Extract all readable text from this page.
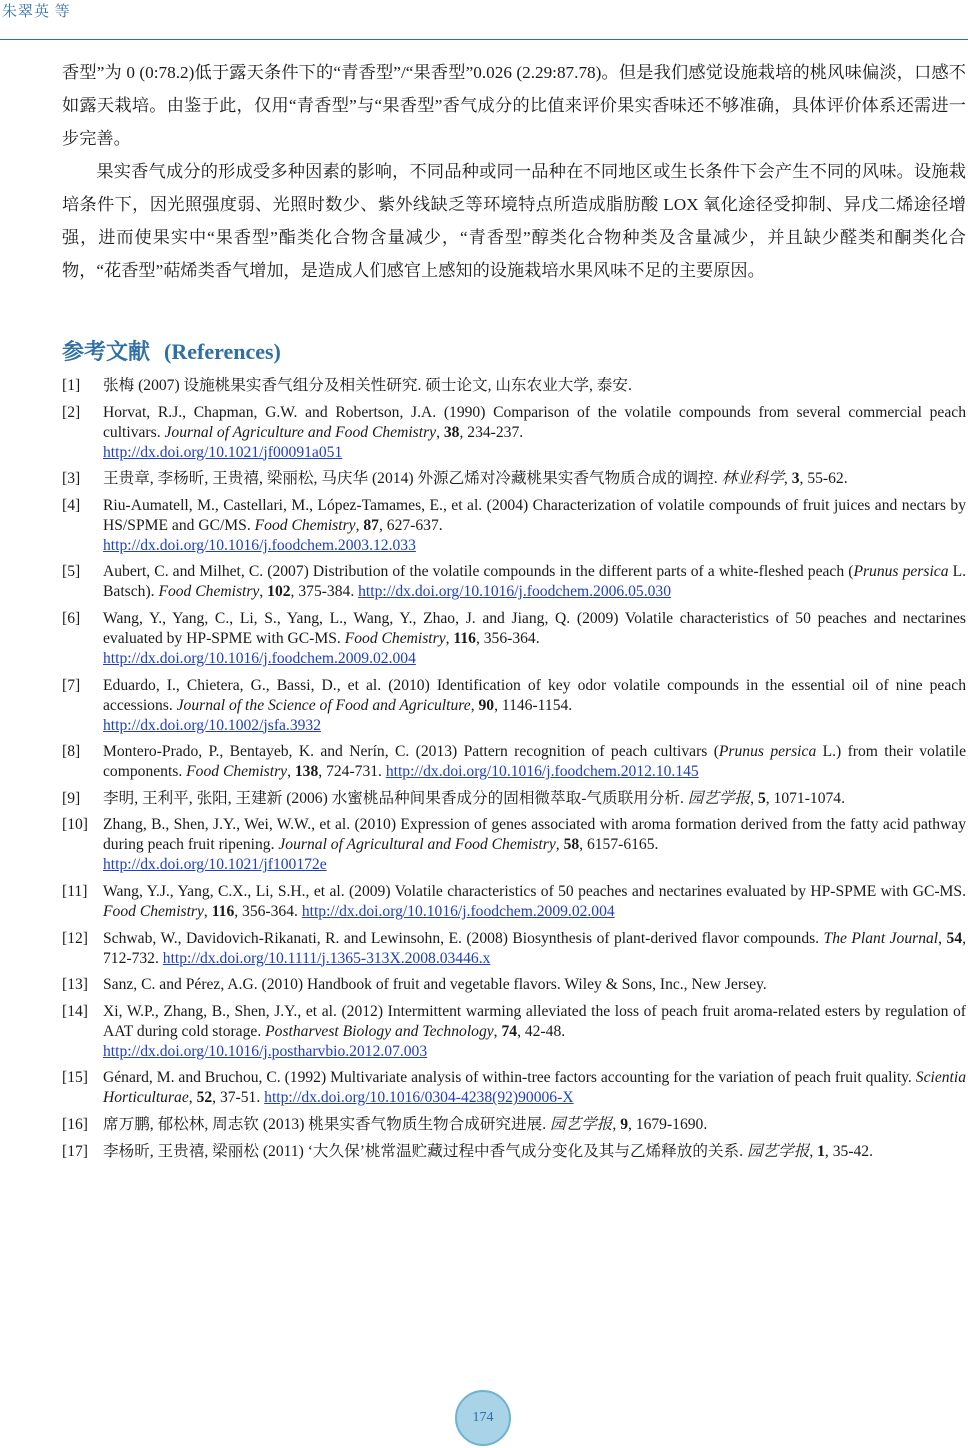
朱翠英 等

香型”为 0 (0:78.2)低于露天条件下的“青香型”/“果香型”0.026 (2.29:87.78)。但是我们感觉设施栽培的桃风味偏淡，口感不如露天栽培。由鉴于此，仅用“青香型”与“果香型”香气成分的比值来评价果实香味还不够准确，具体评价体系还需进一步完善。

果实香气成分的形成受多种因素的影响，不同品种或同一品种在不同地区或生长条件下会产生不同的风味。设施栽培条件下，因光照强度弱、光照时数少、紫外线缺乏等环境特点所造成脂肪酸 LOX 氧化途径受抑制、异戊二烯途径增强，进而使果实中“果香型”酯类化合物含量减少，“青香型”醇类化合物种类及含量减少，并且缺少醛类和酮类化合物，“花香型”萜烯类香气增加，是造成人们感官上感知的设施栽培水果风味不足的主要原因。

参考文献 (References)
[1]	张梅 (2007) 设施桃果实香气组分及相关性研究. 硕士论文, 山东农业大学, 泰安.
[2]	Horvat, R.J., Chapman, G.W. and Robertson, J.A. (1990) Comparison of the volatile compounds from several commercial peach cultivars. Journal of Agriculture and Food Chemistry, 38, 234-237.
http://dx.doi.org/10.1021/jf00091a051
[3]	王贵章, 李杨昕, 王贵禧, 梁丽松, 马庆华 (2014) 外源乙烯对冷藏桃果实香气物质合成的调控. 林业科学, 3, 55-62.
[4]	Riu-Aumatell, M., Castellari, M., López-Tamames, E., et al. (2004) Characterization of volatile compounds of fruit juices and nectars by HS/SPME and GC/MS. Food Chemistry, 87, 627-637.
http://dx.doi.org/10.1016/j.foodchem.2003.12.033
[5]	Aubert, C. and Milhet, C. (2007) Distribution of the volatile compounds in the different parts of a white-fleshed peach (Prunus persica L. Batsch). Food Chemistry, 102, 375-384. http://dx.doi.org/10.1016/j.foodchem.2006.05.030
[6]	Wang, Y., Yang, C., Li, S., Yang, L., Wang, Y., Zhao, J. and Jiang, Q. (2009) Volatile characteristics of 50 peaches and nectarines evaluated by HP-SPME with GC-MS. Food Chemistry, 116, 356-364.
http://dx.doi.org/10.1016/j.foodchem.2009.02.004
[7]	Eduardo, I., Chietera, G., Bassi, D., et al. (2010) Identification of key odor volatile compounds in the essential oil of nine peach accessions. Journal of the Science of Food and Agriculture, 90, 1146-1154.
http://dx.doi.org/10.1002/jsfa.3932
[8]	Montero-Prado, P., Bentayeb, K. and Nerín, C. (2013) Pattern recognition of peach cultivars (Prunus persica L.) from their volatile components. Food Chemistry, 138, 724-731. http://dx.doi.org/10.1016/j.foodchem.2012.10.145
[9]	李明, 王利平, 张阳, 王建新 (2006) 水蜜桃品种间果香成分的固相微萃取-气质联用分析. 园艺学报, 5, 1071-1074.
[10] Zhang, B., Shen, J.Y., Wei, W.W., et al. (2010) Expression of genes associated with aroma formation derived from the fatty acid pathway during peach fruit ripening. Journal of Agricultural and Food Chemistry, 58, 6157-6165.
http://dx.doi.org/10.1021/jf100172e
[11] Wang, Y.J., Yang, C.X., Li, S.H., et al. (2009) Volatile characteristics of 50 peaches and nectarines evaluated by HP-SPME with GC-MS. Food Chemistry, 116, 356-364. http://dx.doi.org/10.1016/j.foodchem.2009.02.004
[12] Schwab, W., Davidovich-Rikanati, R. and Lewinsohn, E. (2008) Biosynthesis of plant-derived flavor compounds. The Plant Journal, 54, 712-732. http://dx.doi.org/10.1111/j.1365-313X.2008.03446.x
[13] Sanz, C. and Pérez, A.G. (2010) Handbook of fruit and vegetable flavors. Wiley & Sons, Inc., New Jersey.
[14] Xi, W.P., Zhang, B., Shen, J.Y., et al. (2012) Intermittent warming alleviated the loss of peach fruit aroma-related esters by regulation of AAT during cold storage. Postharvest Biology and Technology, 74, 42-48.
http://dx.doi.org/10.1016/j.postharvbio.2012.07.003
[15] Génard, M. and Bruchou, C. (1992) Multivariate analysis of within-tree factors accounting for the variation of peach fruit quality. Scientia Horticulturae, 52, 37-51. http://dx.doi.org/10.1016/0304-4238(92)90006-X
[16] 席万鹏, 郁松林, 周志钦 (2013) 桃果实香气物质生物合成研究进展. 园艺学报, 9, 1679-1690.
[17] 李杨昕, 王贵禧, 梁丽松 (2011) ‘大久保’桃常温贮藏过程中香气成分变化及其与乙烯释放的关系. 园艺学报, 1, 35-42.
174
